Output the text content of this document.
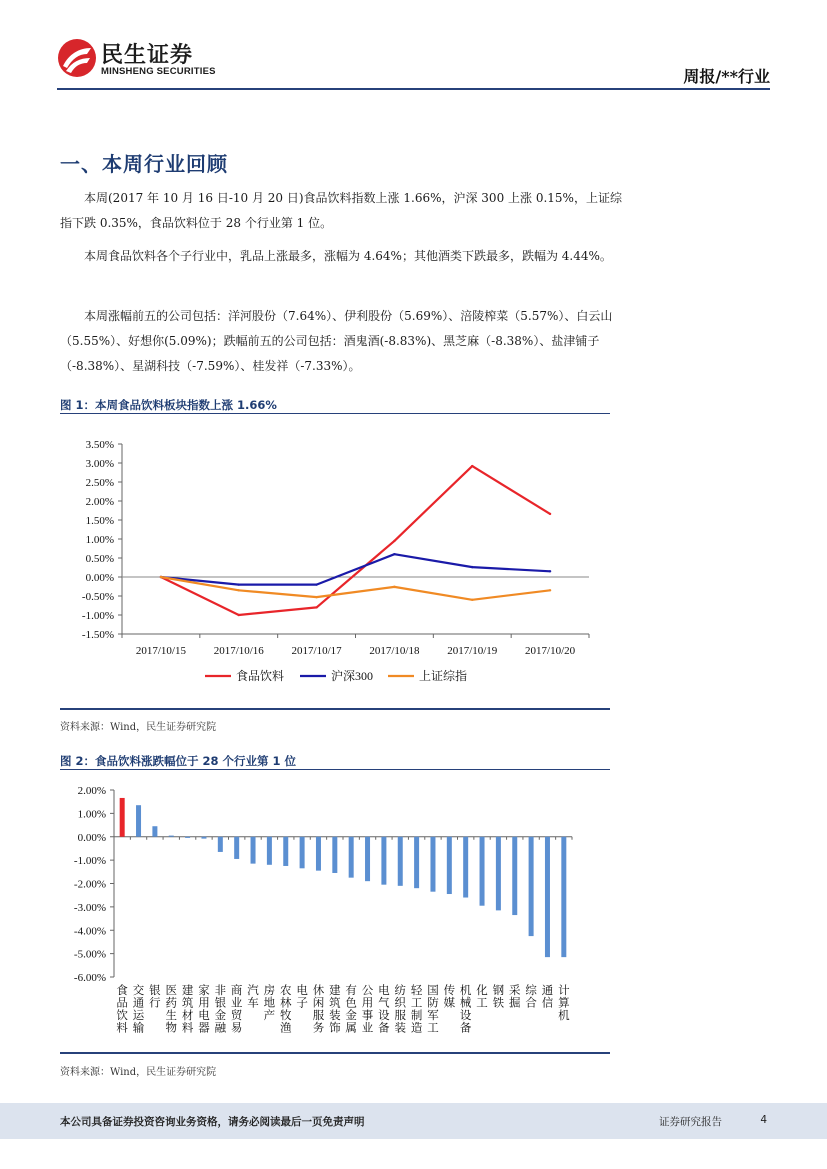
民生证券
MINSHENG SECURITIES	周报/**行业
一、本周行业回顾
本周(2017 年 10 月 16 日-10 月 20 日)食品饮料指数上涨 1.66%，沪深 300 上涨 0.15%，上证综指下跌 0.35%，食品饮料位于 28 个行业第 1 位。
本周食品饮料各个子行业中，乳品上涨最多，涨幅为 4.64%；其他酒类下跌最多，跌幅为 4.44%。
本周涨幅前五的公司包括：洋河股份（7.64%）、伊利股份（5.69%）、涪陵榨菜（5.57%）、白云山（5.55%）、好想你(5.09%)；跌幅前五的公司包括：酒鬼酒(-8.83%)、黑芝麻（-8.38%）、盐津铺子（-8.38%）、星湖科技（-7.59%）、桂发祥（-7.33%）。
图 1：本周食品饮料板块指数上涨 1.66%
-1.50%
-1.00%
-0.50%
0.00%
0.50%
1.00%
1.50%
2.00%
2.50%
3.00%
3.50%
2017/10/15	2017/10/16	2017/10/17	2017/10/18	2017/10/19	2017/10/20
食品饮料	沪深300	上证综指
资料来源：Wind，民生证券研究院
图 2：食品饮料涨跌幅位于 28 个行业第 1 位
-6.00%
-5.00%
-4.00%
-3.00%
-2.00%
-1.00%
0.00%
1.00%
2.00%
食
品
饮
料
交
通
运
输
银
行
医
药
生
物
建
筑
材
料
家
用
电
器
非
银
金
融
商
业
贸
易
汽
车
房
地
产
农
林
牧
渔
电
子
休
闲
服
务
建
筑
装
饰
有
色
金
属
公
用
事
业
电
气
设
备
纺
织
服
装
轻
工
制
造
国
防
军
工
传
媒
机
械
设
备
化
工
钢
铁
采
掘
综
合
通
信
计
算
机
资料来源：Wind，民生证券研究院
本公司具备证券投资咨询业务资格，请务必阅读最后一页免责声明	证券研究报告	4
